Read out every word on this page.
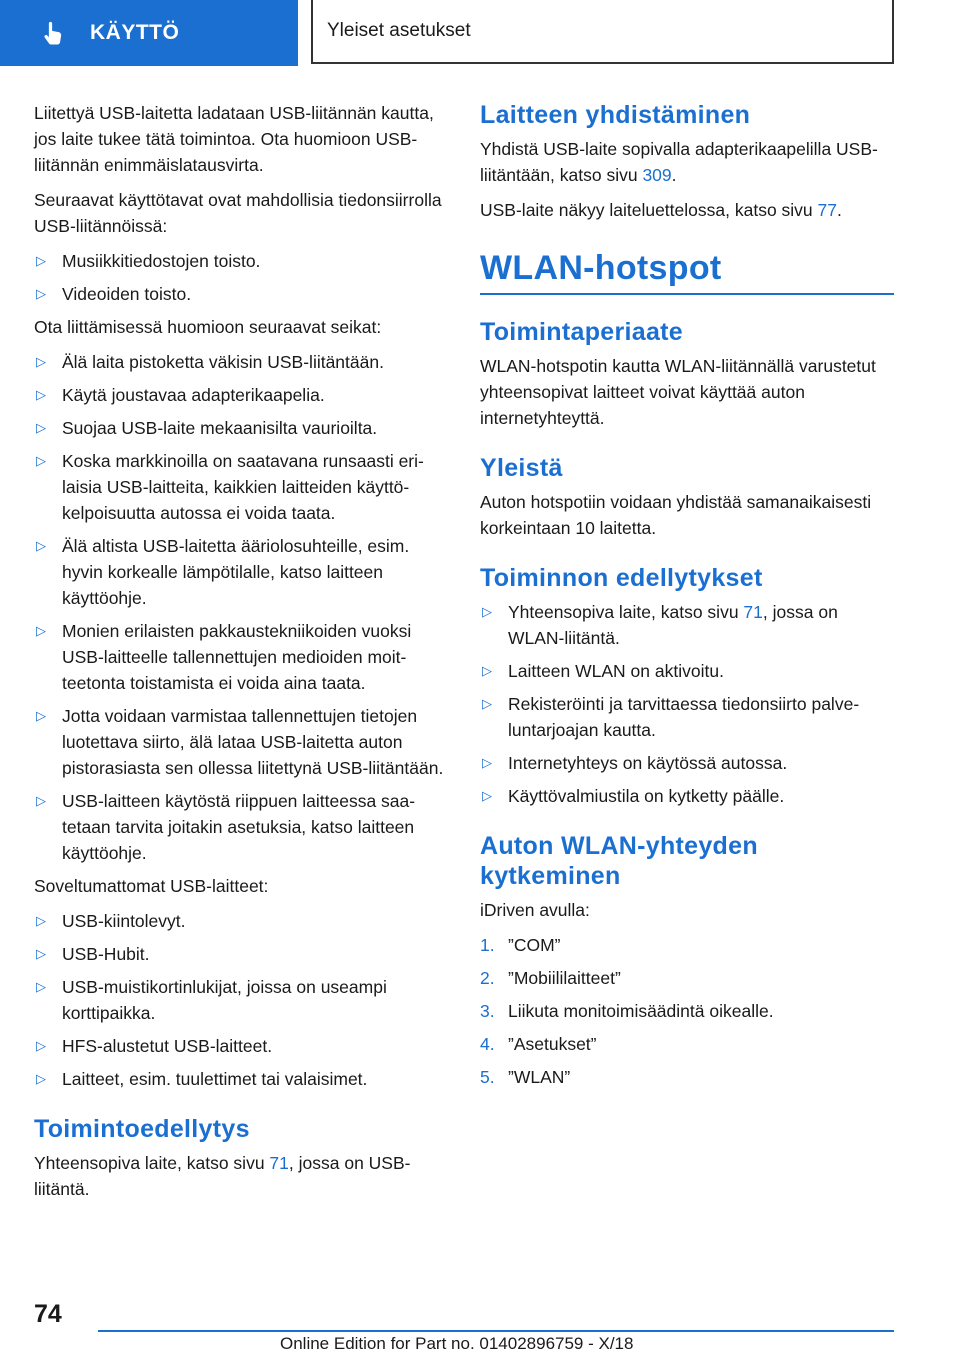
KÄYTTÖ	Yleiset asetukset

Liitettyä USB-laitetta ladataan USB-liitännän kautta, jos laite tukee tätä toimintoa. Ota huomioon USB-liitännän enimmäislatausvirta.

Seuraavat käyttötavat ovat mahdollisia tiedonsiirrolla USB-liitännöissä:

▷ Musiikkitiedostojen toisto.
▷ Videoiden toisto.

Ota liittämisessä huomioon seuraavat seikat:

▷ Älä laita pistoketta väkisin USB-liitäntään.
▷ Käytä joustavaa adapterikaapelia.
▷ Suojaa USB-laite mekaanisilta vaurioilta.
▷ Koska markkinoilla on saatavana runsaasti erilaisia USB-laitteita, kaikkien laitteiden käyttökelpoisuutta autossa ei voida taata.
▷ Älä altista USB-laitetta ääriolosuhteille, esim. hyvin korkealle lämpötilalle, katso laitteen käyttöohje.
▷ Monien erilaisten pakkaustekniikoiden vuoksi USB-laitteelle tallennettujen medioiden moitteetonta toistamista ei voida aina taata.
▷ Jotta voidaan varmistaa tallennettujen tietojen luotettava siirto, älä lataa USB-laitetta auton pistorasiasta sen ollessa liitettynä USB-liitäntään.
▷ USB-laitteen käytöstä riippuen laitteessa saatetaan tarvita joitakin asetuksia, katso laitteen käyttöohje.

Soveltumattomat USB-laitteet:

▷ USB-kiintolevyt.
▷ USB-Hubit.
▷ USB-muistikortinlukijat, joissa on useampi korttipaikka.
▷ HFS-alustetut USB-laitteet.
▷ Laitteet, esim. tuulettimet tai valaisimet.
Toimintoedellytys

Yhteensopiva laite, katso sivu 71, jossa on USB-liitäntä.

Laitteen yhdistäminen

Yhdistä USB-laite sopivalla adapterikaapelilla USB-liitäntään, katso sivu 309.

USB-laite näkyy laiteluettelossa, katso sivu 77.

WLAN-hotspot
Toimintaperiaate

WLAN-hotspotin kautta WLAN-liitännällä varustetut yhteensopivat laitteet voivat käyttää auton internetyhteyttä.

Yleistä

Auton hotspotiin voidaan yhdistää samanaikaisesti korkeintaan 10 laitetta.

Toiminnon edellytykset
▷ Yhteensopiva laite, katso sivu 71, jossa on WLAN-liitäntä.
▷ Laitteen WLAN on aktivoitu.
▷ Rekisteröinti ja tarvittaessa tiedonsiirto palveluntarjoajan kautta.
▷ Internetyhteys on käytössä autossa.
▷ Käyttövalmiustila on kytketty päälle.
Auton WLAN-yhteyden
kytkeminen

iDriven avulla:

1. ”COM”
2. ”Mobiililaitteet”
3. Liikuta monitoimisäädintä oikealle.
4. ”Asetukset”
5. ”WLAN”
74
Online Edition for Part no. 01402896759 - X/18
